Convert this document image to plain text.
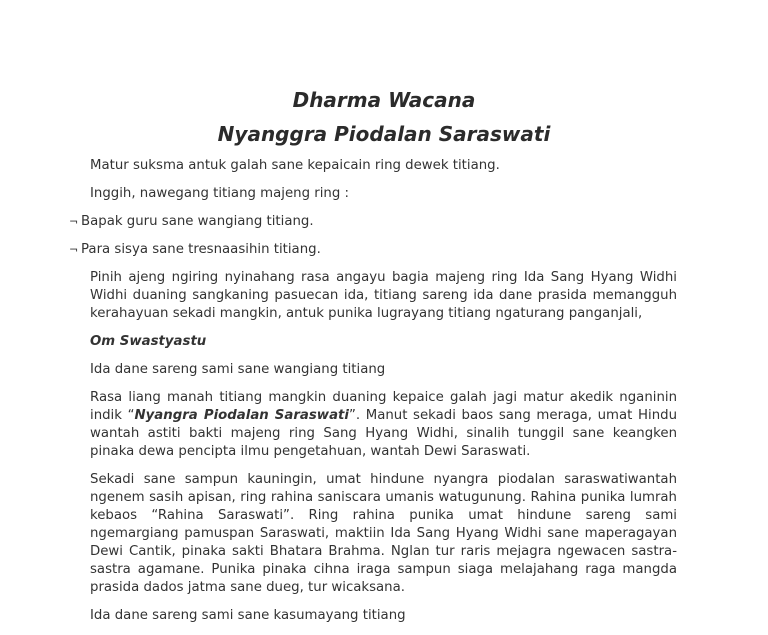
Dharma Wacana
Nyanggra Piodalan Saraswati

Matur suksma antuk galah sane kepaicain ring dewek titiang.

Inggih, nawegang titiang majeng ring :

¬ Bapak guru sane wangiang titiang.

¬ Para sisya sane tresnaasihin titiang.

Pinih ajeng ngiring nyinahang rasa angayu bagia majeng ring Ida Sang Hyang Widhi Widhi duaning sangkaning pasuecan ida, titiang sareng ida dane prasida memangguh kerahayuan sekadi mangkin, antuk punika lugrayang titiang ngaturang panganjali,

Om Swastyastu

Ida dane sareng sami sane wangiang titiang

Rasa liang manah titiang mangkin duaning kepaice galah jagi matur akedik nganinin indik “Nyangra Piodalan Saraswati”. Manut sekadi baos sang meraga, umat Hindu wantah astiti bakti majeng ring Sang Hyang Widhi, sinalih tunggil sane keangken pinaka dewa pencipta ilmu pengetahuan, wantah Dewi Saraswati.

Sekadi sane sampun kauningin, umat hindune nyangra piodalan saraswatiwantah ngenem sasih apisan, ring rahina saniscara umanis watugunung. Rahina punika lumrah kebaos “Rahina Saraswati”. Ring rahina punika umat hindune sareng sami ngemargiang pamuspan Saraswati, maktiin Ida Sang Hyang Widhi sane maperagayan Dewi Cantik, pinaka sakti Bhatara Brahma. Nglan tur raris mejagra ngewacen sastra-sastra agamane. Punika pinaka cihna iraga sampun siaga melajahang raga mangda prasida dados jatma sane dueg, tur wicaksana.

Ida dane sareng sami sane kasumayang titiang
